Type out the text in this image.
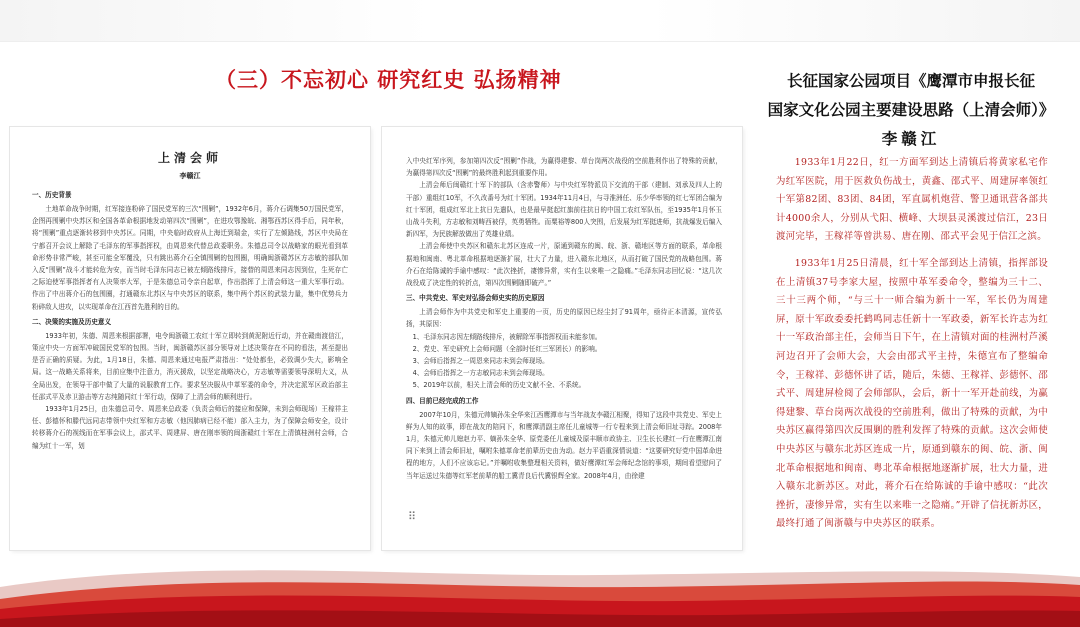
（三）不忘初心 研究红史 弘扬精神	长征国家公园项目《鹰潭市申报长征
国家文化公园主要建设思路（上清会师）》
李赣江
上清会师
李赣江
一、历史背景

土地革命战争时期，红军接连粉碎了国民党军的三次“围剿”，1932年6月，蒋介石调集50万国民党军，企图再围剿中央苏区和全国各革命根据地发动第四次“围剿”，在进攻鄂豫皖、湘鄂西苏区得手后，同年秋，将“围剿”重点逐渐转移到中央苏区。同期，中央临时政府从上海迁到瑞金，实行了左倾路线，苏区中央局在宁都召开会议上解除了毛泽东的军事指挥权，由周恩来代替总政委职务。朱德总司令以战略家的眼光看到革命形势非常严峻，甚至可能全军覆没，只有跳出蒋介石全镇围剿的包围圈，明确闽浙赣苏区方志敏的部队加入反“围剿”战斗才能转危为安，而当时毛泽东同志已被左倾路线排斥，接替的周恩来同志因到位，生死存亡之际迫使军事指挥者有人决策率大军，于是朱德总司令亲自起草，作出指挥了上清会师这一重大军事行动。作出了中出蒋介石的包围圈，打通赣东北苏区与中央苏区的联系，集中两个苏区的武装力量，集中优势兵力粉碎敌人进攻，以实现革命在江西首先胜利的目的。

二、决策的实施及历史意义

1933年初，朱德、周恩来根据部署，电令闽浙赣工农红十军立即转到黄泥附近行动，并在赣南渡信江，策应中央一方面军冲破国民党军的包围。当时，闽浙赣苏区部分领导对上述决策存在不同的看法，甚至提出是否正确的质疑。为此，1月18日，朱德、周恩来通过电报严肃指出：“处处都坐，必致调少失大，影响全局。这一战略关系将来，目前应集中注意力，消灭援敌，以坚定战略决心，方志敏等需要领导深明大义，从全局出发，在领导干部中做了大量的说服教育工作。要求坚决服从中革军委的命令，并决定派军区政治部主任邵式平及赤卫游击等方志纯随同红十军行动，保障了上清会师的顺利进行。

1933年1月25日，由朱德总司令、周恩来总政委（负责会师后的接应和保障，未到会师现场）王稼祥主任、彭德怀和滕代远同志带领中央红军和方志敏（他因肺病已经不能）部入主力，为了保障会师安全，设计转移蒋介石的视线而在军事会议上，邵式平、周建屏、唐在刚率领的闽浙赣红十军在上清镇桂洲村会师，合编为红十一军，划

入中央红军序列，参加第四次反“围剿”作战，为赢得建黎、草台岗两次战役的空前胜利作出了特殊的贡献，为赢得第四次反“围剿”的最终胜利起到重要作用。

上清会师后闽赣红十军下的部队（含赤警师）与中央红军特派员下交流的干部（建制、刘承及四人上的干部）重组红10军，不久改番号为红十军团。1934年11月4日，与寻淮洲任、乐少华率领的红七军团合编为红十军团，组成红军北上抗日先遣队，也是最早挺起红旗前往抗日的中国工农红军队伍，至1935年1月怀玉山战斗失利，方志敏和刘畴西被俘，英勇牺牲。而粟裕等800人突围，后发展为红军挺进师，抗战爆发后编入新四军，为民族解放做出了英雄业绩。

上清会师使中央苏区和赣东北苏区连成一片，原通到赣东的闽、皖、浙、赣地区等方面的联系，革命根据地和闽南、粤北革命根据地逐渐扩展，壮大了力量，进入赣东北地区，从而打破了国民党的战略包围。蒋介石在给陈诚的手谕中感叹：“此次挫折，凄惨异常，实有生以来唯一之隐痛。”毛泽东同志回忆说：“这几次战役成了决定性的转折点，第四次围剿随即破产。”

三、中共党史、军史对弘扬会师史实的历史原因

上清会师作为中共党史和军史上重要的一页，历史的原因已经尘封了91周年，亟待正本清源，宣传弘扬，其原因：

1、毛泽东同志因左倾路线排斥，被解除军事指挥权而未能参加。
2、党史、军史研究上会师问题（全部时任红三军团长）的影响。
3、会师后指挥之一周恩来同志未到会师现场。
4、会师后指挥之一方志敏同志未到会师现场。
5、2019年以前，相关上清会师的历史文献不全、不系统。
四、目前已经完成的工作

2007年10月，朱德元帅嫡孙朱全华来江西鹰潭市与当年战友李赣江相聚，得知了这段中共党史、军史上鲜为人知的故事，即在战友的陪同下，和鹰潭清副主席任儿童城等一行专程来到上清会师旧址寻踪。2008年1月，朱德元帅儿媳赵力平、嫡孙朱全华、原党委任儿童城及原丰顺市政协主、卫生长长建红一行在鹰潭江南同下来到上清会师旧址，嘱咐朱德革命老前辈历史由为动。赵力平语重深情说道：“这要研究好党中国革命进程的地方，人们不应该忘记。”并嘱咐收集整理相关资料，做好鹰潭红军会师纪念馆的事项，期间看望慰问了当年运送过朱德等红军老前辈的船工冀青良后代冀银辉全家。2008年4月，由徐建

⠿

1933年1月22日，红一方面军到达上清镇后将黄家私宅作为红军医院，用于医救负伤战士，黄鑫、邵式平、周建屏率领红十军第82团、83团、84团，军直属机炮营、警卫通讯营各部共计4000余人，分别从弋阳、横峰、大坝县灵溪渡过信江，23日渡河完毕，王稼祥等曾洪易、唐在刚、邵式平会见于信江之滨。

1933年1月25日清晨，红十军全部到达上清镇，指挥部设在上清镇37号李家大屋，按照中革军委命令，整编为三十二、三十三两个师，“与三十一师合编为新十一军，军长仍为周建屏，原十军政委委托鹤鸣同志任新十一军政委，新军长许志为红十一军政治部主任，会师当日下午，在上清镇对面的桂洲村芦溪河边召开了会师大会，大会由邵式平主持，朱德宣布了整编命令，王稼祥、彭德怀讲了话，随后，朱德、王稼祥、彭德怀、邵式平、周建屏检阅了会师部队，会后，新十一军开赴前线，为赢得建黎、草台岗两次战役的空前胜利，做出了特殊的贡献，为中央苏区赢得第四次反围剿的胜利发挥了特殊的贡献。这次会师使中央苏区与赣东北苏区连成一片，原通到赣东的闽、皖、浙、闽北革命根据地和闽南、粤北革命根据地逐渐扩展，壮大力量，进入赣东北新苏区。对此，蒋介石在给陈诚的手谕中感叹：“此次挫折，凄惨异常，实有生以来唯一之隐痛。”开辟了信抚新苏区，最终打通了闽浙赣与中央苏区的联系。
